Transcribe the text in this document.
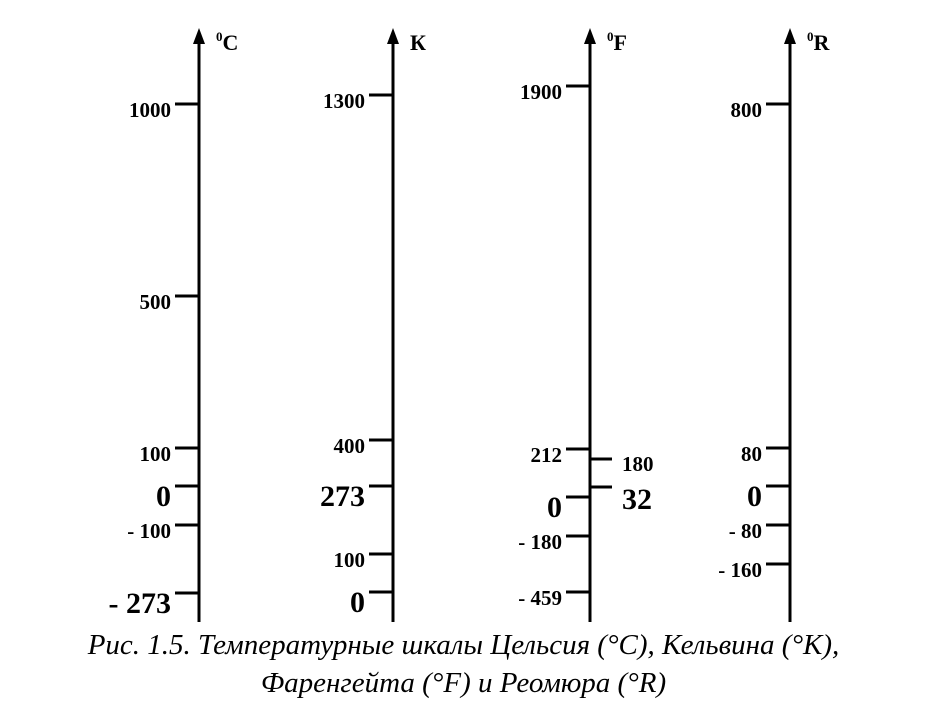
$^0$C
1000
500
100
0
- 100
- 273
К
1300
400
273
100
0
$^0$F
1900
212
0
- 180
- 459
180
32
$^0$R
800
80
0
- 80
- 160
Рис. 1.5. Температурные шкалы Цельсия (°C), Кельвина (°K),
Фаренгейта (°F) и Реомюра (°R)
